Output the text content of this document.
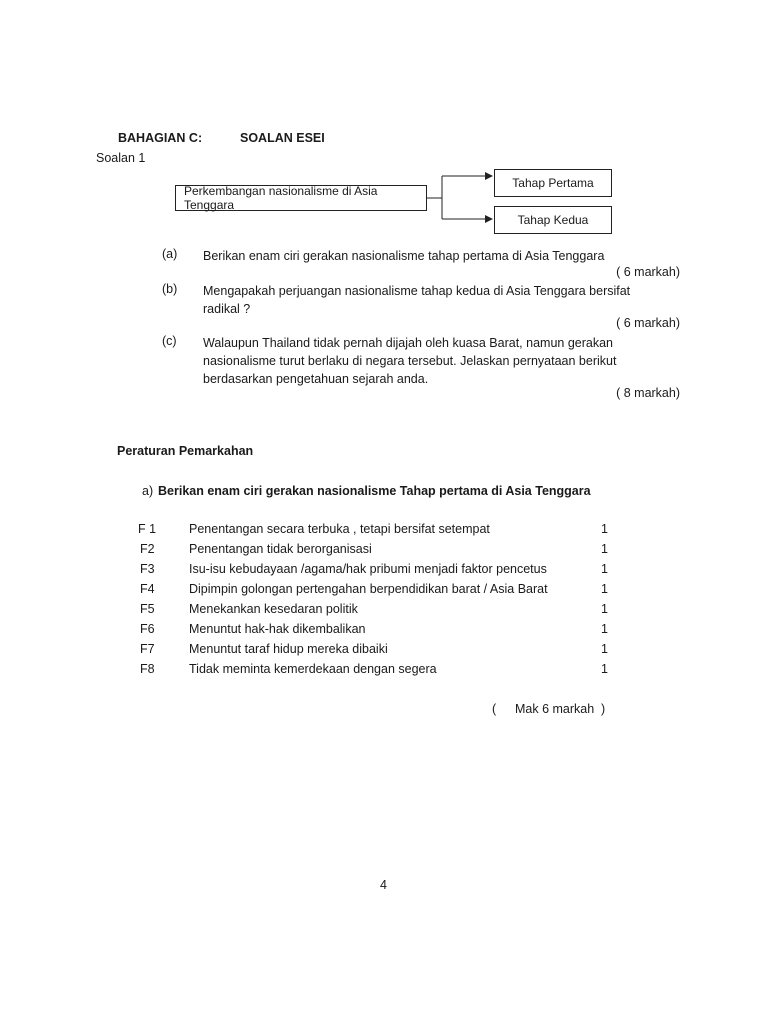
BAHAGIAN C :	SOALAN ESEI
Soalan 1
Perkembangan nasionalisme di Asia Tenggara
Tahap Pertama
Tahap Kedua
(a) Berikan enam ciri gerakan nasionalisme tahap pertama di Asia Tenggara
( 6 markah)
(b) Mengapakah perjuangan nasionalisme tahap kedua di Asia Tenggara bersifat radikal ?
( 6 markah)
(c) Walaupun Thailand tidak pernah dijajah oleh kuasa Barat, namun gerakan nasionalisme turut berlaku di negara tersebut. Jelaskan pernyataan berikut berdasarkan pengetahuan sejarah anda.
( 8 markah)
Peraturan Pemarkahan
a) Berikan enam ciri gerakan nasionalisme Tahap pertama di Asia Tenggara
F 1	Penentangan secara terbuka , tetapi bersifat setempat	1
F2	Penentangan tidak berorganisasi	1
F3	Isu-isu kebudayaan /agama/hak pribumi menjadi faktor pencetus	1
F4	Dipimpin golongan pertengahan berpendidikan barat / Asia Barat	1
F5	Menekankan kesedaran politik	1
F6	Menuntut hak-hak dikembalikan	1
F7	Menuntut taraf hidup mereka dibaiki	1
F8	Tidak meminta kemerdekaan dengan segera	1
( Mak 6 markah )
4
